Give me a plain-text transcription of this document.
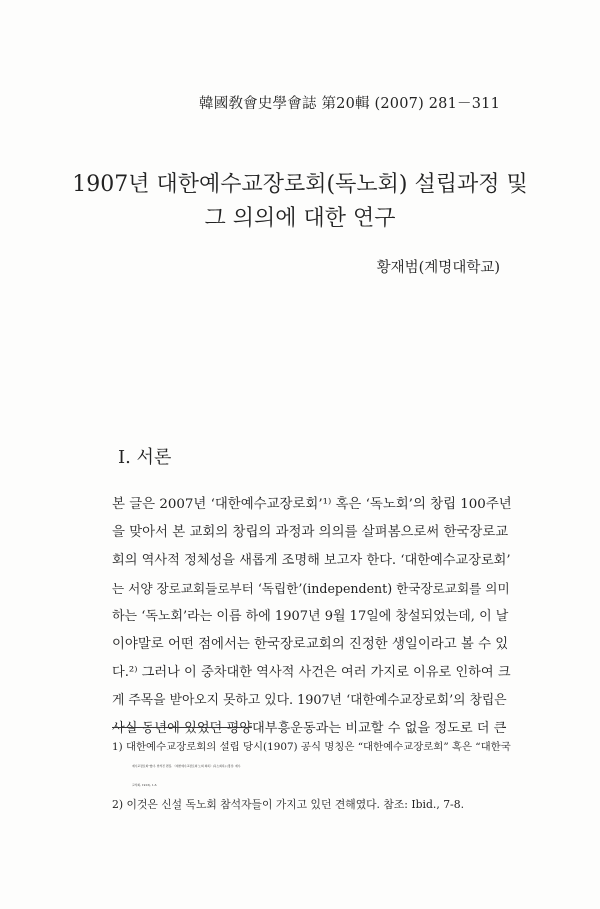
韓國敎會史學會誌 第20輯 (2007) 281－311
1907년 대한예수교장로회(독노회) 설립과정 및
그 의의에 대한 연구
황재범(계명대학교)
I. 서론
본 글은 2007년 ‘대한예수교장로회’¹⁾ 혹은 ‘독노회’의 창립 100주년
을 맞아서 본 교회의 창립의 과정과 의의를 살펴봄으로써 한국장로교
회의 역사적 정체성을 새롭게 조명해 보고자 한다. ‘대한예수교장로회’
는 서양 장로교회들로부터 ‘독립한’(independent) 한국장로교회를 의미
하는 ‘독노회’라는 이름 하에 1907년 9월 17일에 창설되었는데, 이 날
이야말로 어떤 점에서는 한국장로교회의 진정한 생일이라고 볼 수 있
다.²⁾ 그러나 이 중차대한 역사적 사건은 여러 가지로 이유로 인하여 크
게 주목을 받아오지 못하고 있다. 1907년 ‘대한예수교장로회’의 창립은
사실 동년에 있었던 평양대부흥운동과는 비교할 수 없을 정도로 더 큰
1) 대한예수교장로회의 설립 당시(1907) 공식 명칭은 “대한예수교장로회” 혹은 “대한국
예수교장로회”였다. 한석진 편집, 《대한예수교장로회 노회 회록》(독노회록) (경성: 예수
교서회, 1913), 1-3.
2) 이것은 신설 독노회 참석자들이 가지고 있던 견해였다. 참조: Ibid., 7-8.
